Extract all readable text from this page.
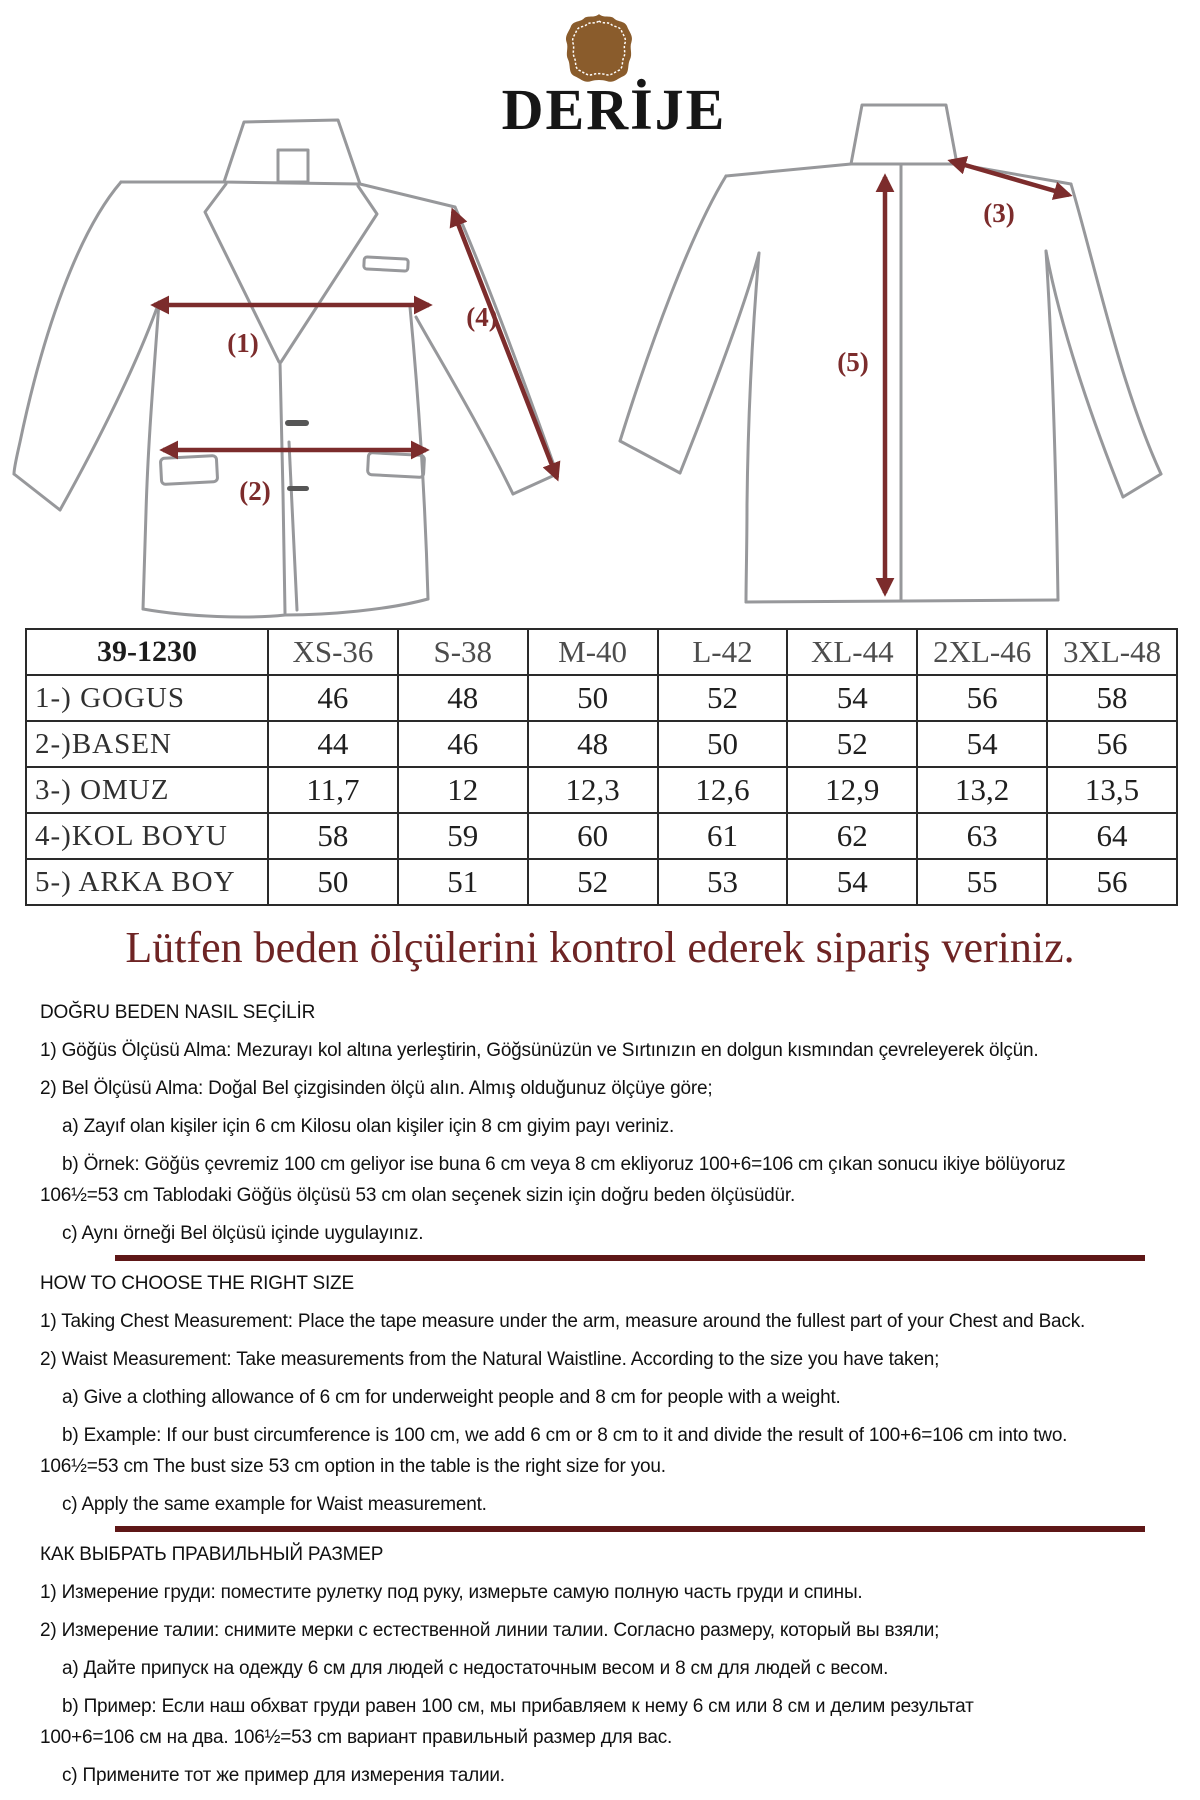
DERİJE
(1)
(2)
(4)
(3)
(5)
39-1230	XS-36	S-38	M-40	L-42	XL-44	2XL-46	3XL-48
1-) GOGUS	46	48	50	52	54	56	58
2-)BASEN	44	46	48	50	52	54	56
3-) OMUZ	11,7	12	12,3	12,6	12,9	13,2	13,5
4-)KOL BOYU	58	59	60	61	62	63	64
5-) ARKA BOY	50	51	52	53	54	55	56
Lütfen beden ölçülerini kontrol ederek sipariş veriniz.
DOĞRU BEDEN NASIL SEÇİLİR
1) Göğüs Ölçüsü Alma: Mezurayı kol altına yerleştirin, Göğsünüzün ve Sırtınızın en dolgun kısmından çevreleyerek ölçün.
2) Bel Ölçüsü Alma: Doğal Bel çizgisinden ölçü alın. Almış olduğunuz ölçüye göre;
a) Zayıf olan kişiler için 6 cm Kilosu olan kişiler için 8 cm giyim payı veriniz.
b) Örnek: Göğüs çevremiz 100 cm geliyor ise buna 6 cm veya 8 cm ekliyoruz 100+6=106 cm çıkan sonucu ikiye bölüyoruz
106½=53 cm Tablodaki Göğüs ölçüsü 53 cm olan seçenek sizin için doğru beden ölçüsüdür.
c) Aynı örneği Bel ölçüsü içinde uygulayınız.
HOW TO CHOOSE THE RIGHT SIZE
1) Taking Chest Measurement: Place the tape measure under the arm, measure around the fullest part of your Chest and Back.
2) Waist Measurement: Take measurements from the Natural Waistline. According to the size you have taken;
a) Give a clothing allowance of 6 cm for underweight people and 8 cm for people with a weight.
b) Example: If our bust circumference is 100 cm, we add 6 cm or 8 cm to it and divide the result of 100+6=106 cm into two.
106½=53 cm The bust size 53 cm option in the table is the right size for you.
c) Apply the same example for Waist measurement.
КАК ВЫБРАТЬ ПРАВИЛЬНЫЙ РАЗМЕР
1) Измерение груди: поместите рулетку под руку, измерьте самую полную часть груди и спины.
2) Измерение талии: снимите мерки с естественной линии талии. Согласно размеру, который вы взяли;
a) Дайте припуск на одежду 6 см для людей с недостаточным весом и 8 см для людей с весом.
b) Пример: Если наш обхват груди равен 100 см, мы прибавляем к нему 6 см или 8 см и делим результат
100+6=106 см на два. 106½=53 cm вариант правильный размер для вас.
c) Примените тот же пример для измерения талии.
